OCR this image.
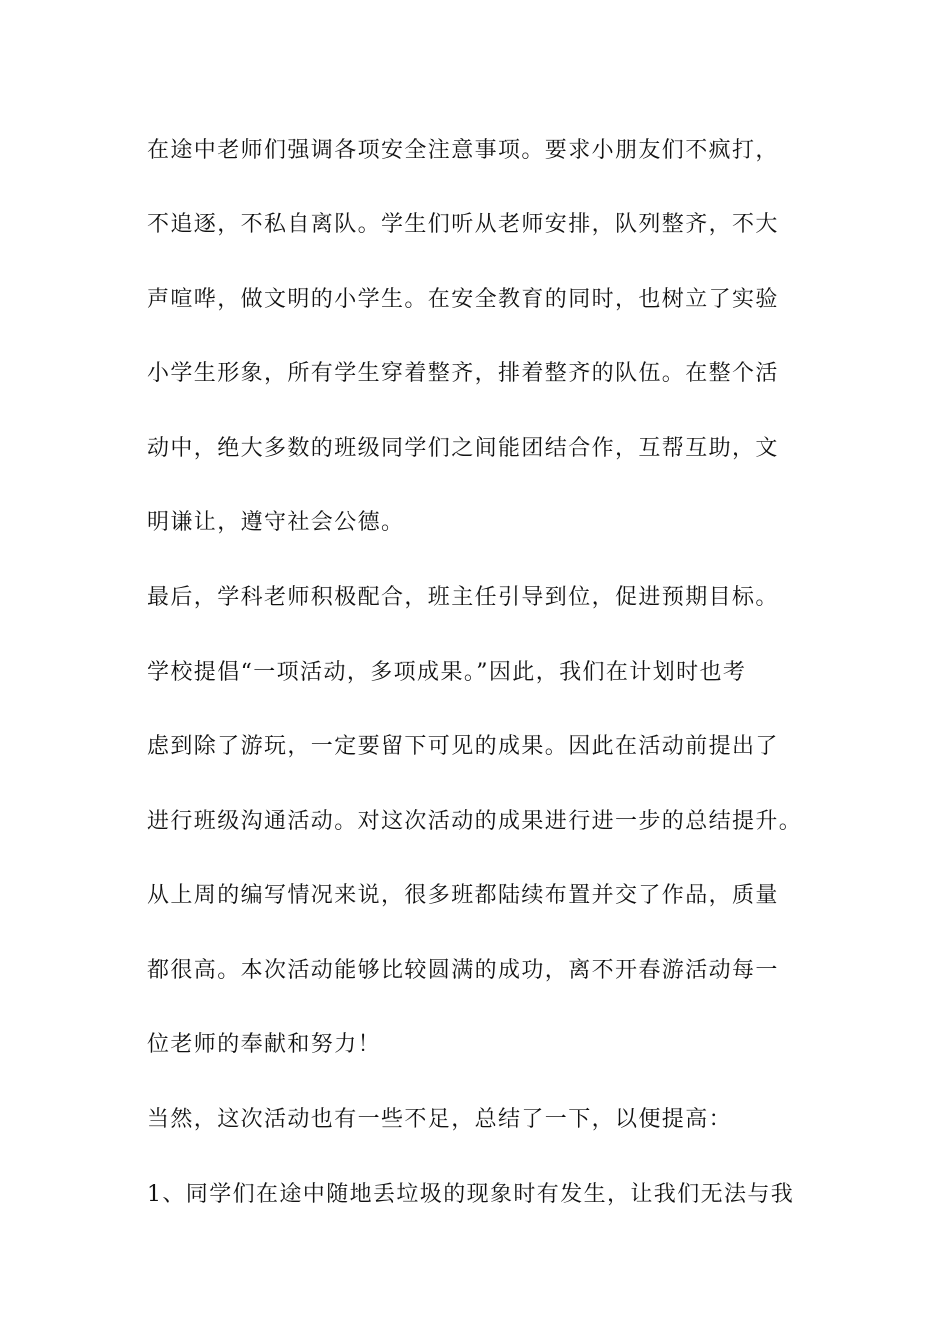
在途中老师们强调各项安全注意事项。要求小朋友们不疯打，
不追逐，不私自离队。学生们听从老师安排，队列整齐，不大
声喧哗，做文明的小学生。在安全教育的同时，也树立了实验
小学生形象，所有学生穿着整齐，排着整齐的队伍。在整个活
动中，绝大多数的班级同学们之间能团结合作，互帮互助，文
明谦让，遵守社会公德。
最后，学科老师积极配合，班主任引导到位，促进预期目标。
学校提倡“一项活动，多项成果。”因此，我们在计划时也考
虑到除了游玩，一定要留下可见的成果。因此在活动前提出了
进行班级沟通活动。对这次活动的成果进行进一步的总结提升。
从上周的编写情况来说，很多班都陆续布置并交了作品，质量
都很高。本次活动能够比较圆满的成功，离不开春游活动每一
位老师的奉献和努力！
当然，这次活动也有一些不足，总结了一下，以便提高：
1、同学们在途中随地丢垃圾的现象时有发生，让我们无法与我
